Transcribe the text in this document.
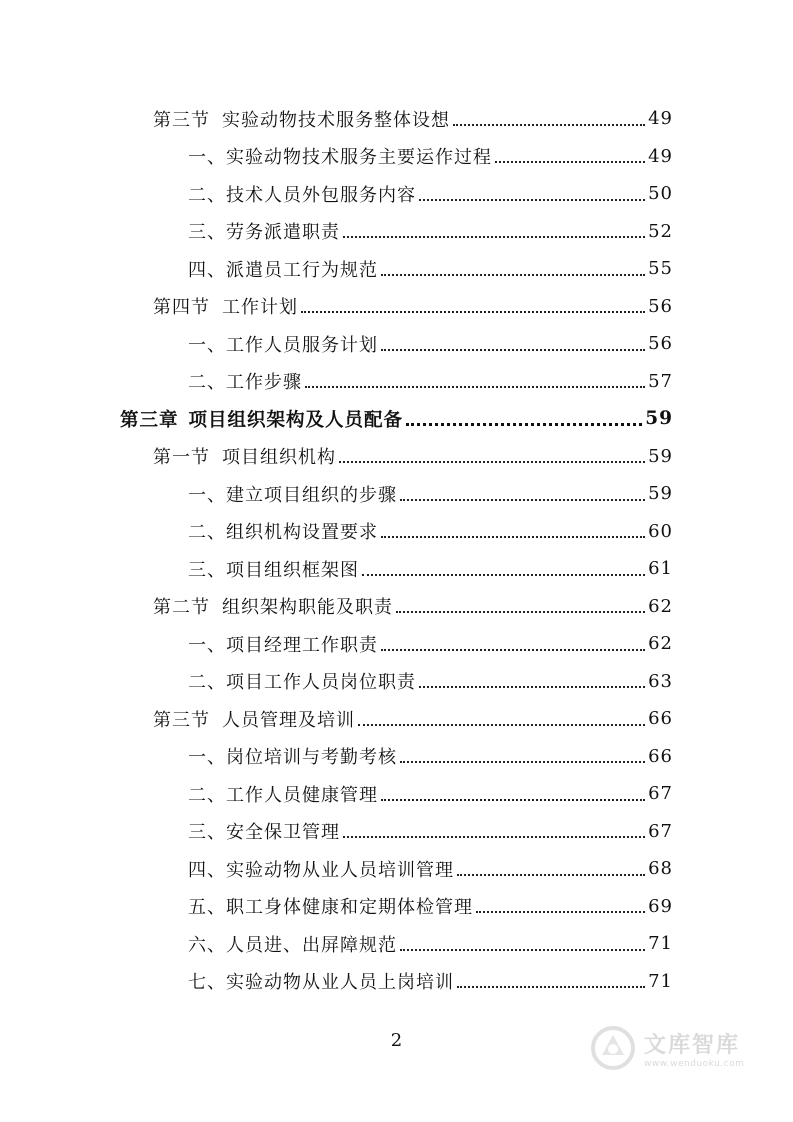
第三节 实验动物技术服务整体设想	49
一、实验动物技术服务主要运作过程	49
二、技术人员外包服务内容	50
三、劳务派遣职责	52
四、派遣员工行为规范	55
第四节 工作计划	56
一、工作人员服务计划	56
二、工作步骤	57
第三章 项目组织架构及人员配备	59
第一节 项目组织机构	59
一、建立项目组织的步骤	59
二、组织机构设置要求	60
三、项目组织框架图	61
第二节 组织架构职能及职责	62
一、项目经理工作职责	62
二、项目工作人员岗位职责	63
第三节 人员管理及培训	66
一、岗位培训与考勤考核	66
二、工作人员健康管理	67
三、安全保卫管理	67
四、实验动物从业人员培训管理	68
五、职工身体健康和定期体检管理	69
六、人员进、出屏障规范	71
七、实验动物从业人员上岗培训	71
2	文库智库
www.wenduoku.com
